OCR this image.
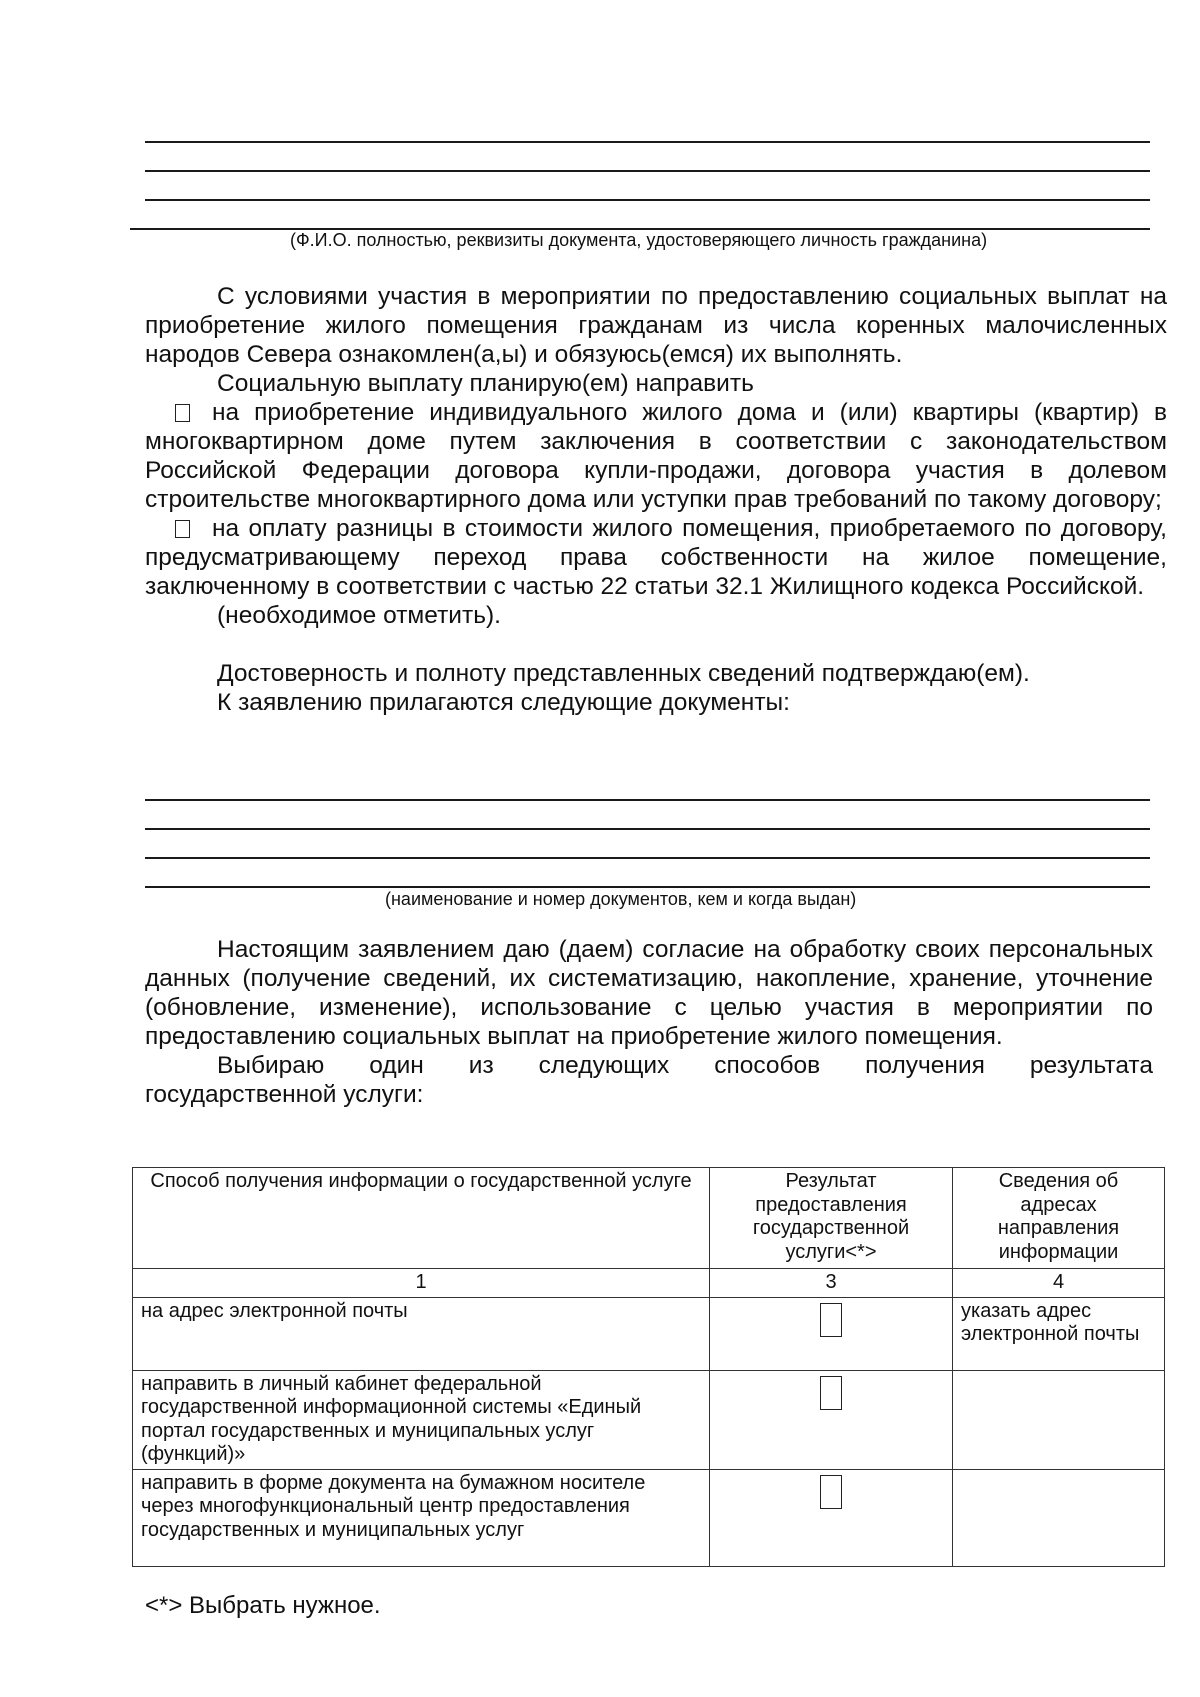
(Ф.И.О. полностью, реквизиты документа, удостоверяющего личность гражданина)

С условиями участия в мероприятии по предоставлению социальных выплат на приобретение жилого помещения гражданам из числа коренных малочисленных народов Севера ознакомлен(а,ы) и обязуюсь(емся) их выполнять.

Социальную выплату планирую(ем) направить

на приобретение индивидуального жилого дома и (или) квартиры (квартир) в многоквартирном доме путем заключения в соответствии с законодательством Российской Федерации договора купли-продажи, договора участия в долевом строительстве многоквартирного дома или уступки прав требований по такому договору;

на оплату разницы в стоимости жилого помещения, приобретаемого по договору, предусматривающему переход права собственности на жилое помещение, заключенному в соответствии с частью 22 статьи 32.1 Жилищного кодекса Российской.

(необходимое отметить).

Достоверность и полноту представленных сведений подтверждаю(ем).

К заявлению прилагаются следующие документы:

(наименование и номер документов, кем и когда выдан)

Настоящим заявлением даю (даем) согласие на обработку своих персональных данных (получение сведений, их систематизацию, накопление, хранение, уточнение (обновление, изменение), использование с целью участия в мероприятии по предоставлению социальных выплат на приобретение жилого помещения.

Выбираю один из следующих способов получения результата

государственной услуги:

Способ получения информации о государственной услуге	Результат предоставления государственной услуги<*>	Сведения об адресах направления информации
1	3	4
на адрес электронной почты		указать адрес электронной почты
направить в личный кабинет федеральной государственной информационной системы «Единый портал государственных и муниципальных услуг (функций)»	

направить в форме документа на бумажном носителе через многофункциональный центр предоставления государственных и муниципальных услуг	

<*> Выбрать нужное.
